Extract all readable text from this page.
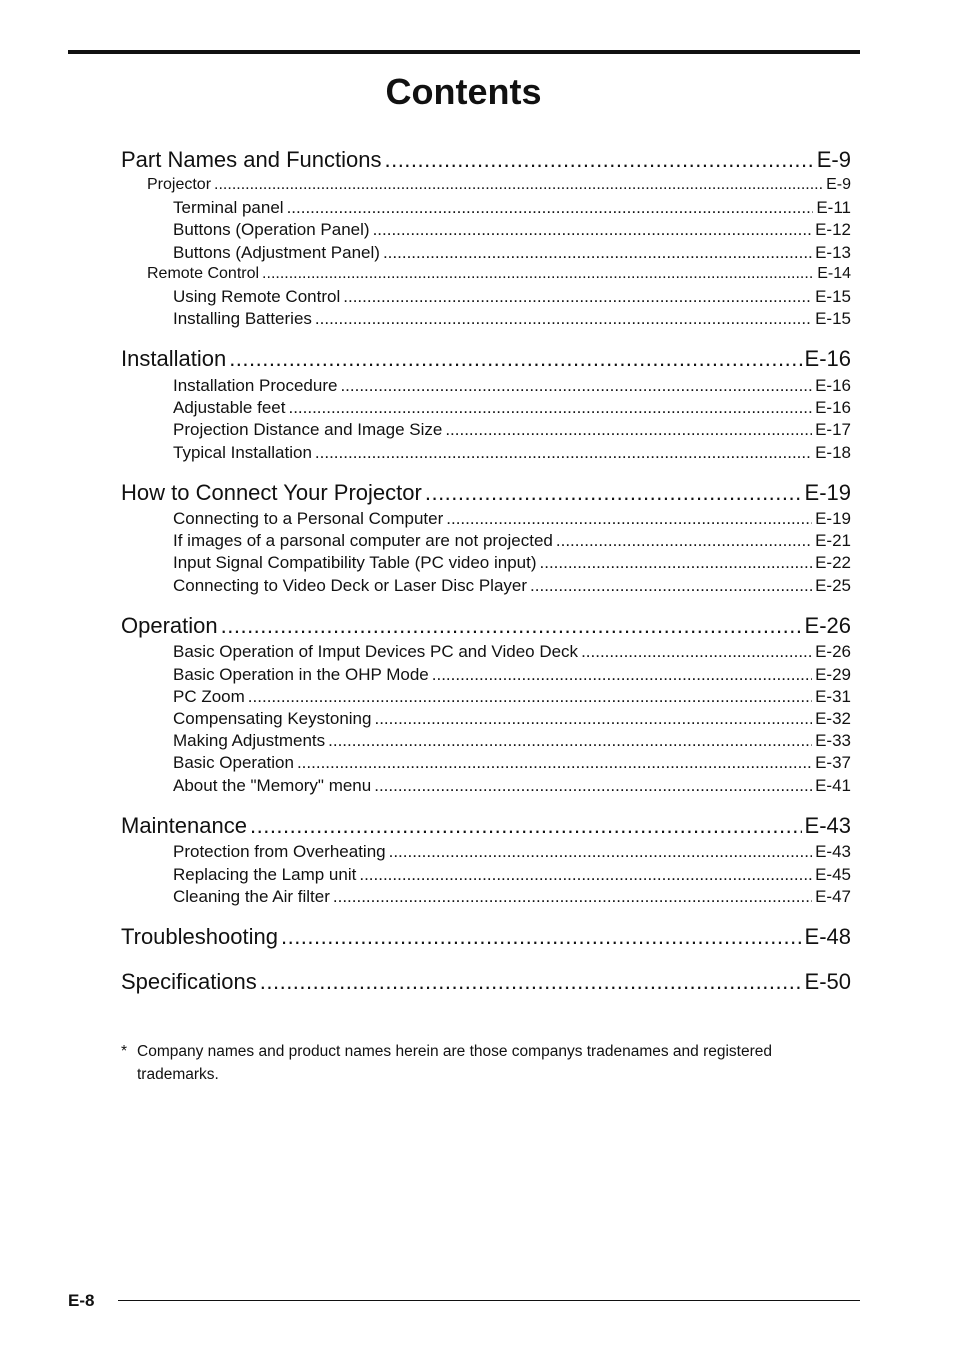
Contents
Part Names and Functions .....	E-9
Projector .....	E-9
Terminal panel .....	E-11
Buttons (Operation Panel) .....	E-12
Buttons (Adjustment Panel) .....	E-13
Remote Control .....	E-14
Using Remote Control .....	E-15
Installing Batteries .....	E-15
Installation .....	E-16
Installation Procedure .....	E-16
Adjustable feet .....	E-16
Projection Distance and Image Size .....	E-17
Typical Installation .....	E-18
How to Connect Your Projector .....	E-19
Connecting to a Personal Computer .....	E-19
If images of a parsonal computer are not projected .....	E-21
Input Signal Compatibility Table (PC video input) .....	E-22
Connecting to Video Deck or Laser Disc Player .....	E-25
Operation .....	E-26
Basic Operation of Imput Devices PC and Video Deck .....	E-26
Basic Operation in the OHP Mode .....	E-29
PC Zoom .....	E-31
Compensating Keystoning .....	E-32
Making Adjustments .....	E-33
Basic Operation .....	E-37
About the "Memory" menu .....	E-41
Maintenance .....	E-43
Protection from Overheating .....	E-43
Replacing the Lamp unit .....	E-45
Cleaning the Air filter .....	E-47
Troubleshooting .....	E-48
Specifications .....	E-50
* Company names and product names herein are those companys tradenames and registered trademarks.
E-8
